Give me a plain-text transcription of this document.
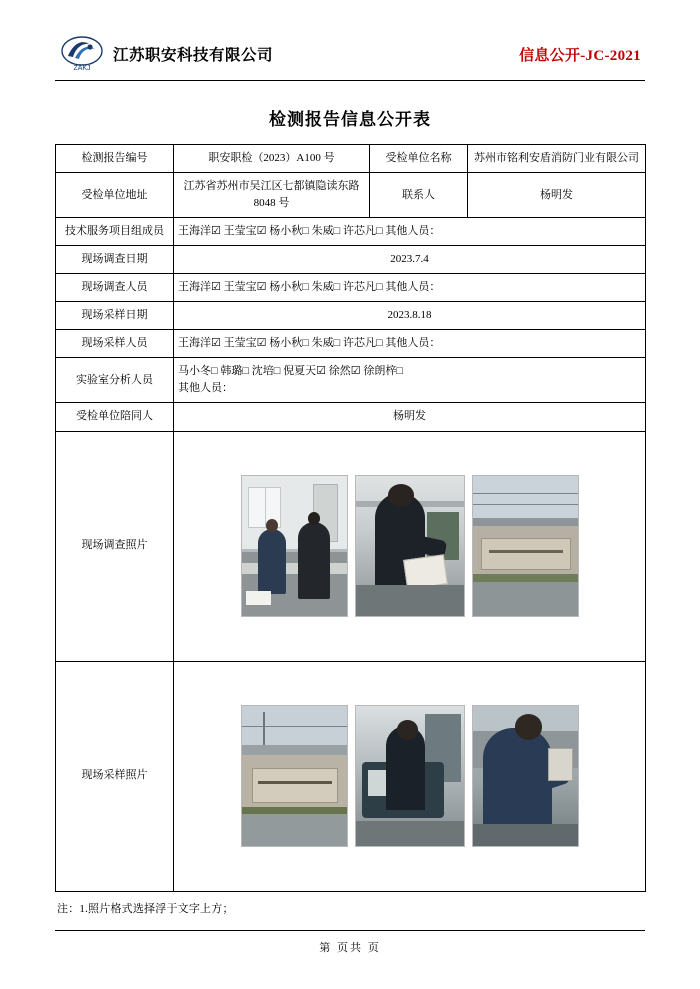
ZAKJ
江苏职安科技有限公司	信息公开-JC-2021
检测报告信息公开表
检测报告编号	职安职检（2023）A100 号	受检单位名称	苏州市铭利安盾消防门业有限公司
受检单位地址	江苏省苏州市吴江区七都镇隐读东路 8048 号	联系人	杨明发
技术服务项目组成员	王海洋☑ 王莹宝☑ 杨小秋□ 朱威□ 许芯凡□ 其他人员：		
现场调查日期	2023.7.4		
现场调查人员	王海洋☑ 王莹宝☑ 杨小秋□ 朱威□ 许芯凡□ 其他人员：		
现场采样日期	2023.8.18		
现场采样人员	王海洋☑ 王莹宝☑ 杨小秋□ 朱威□ 许芯凡□ 其他人员：		
实验室分析人员	马小冬□ 韩璐□ 沈培□ 倪夏天☑ 徐然☑ 徐朗梓□
其他人员：		

受检单位陪同人	杨明发		
现场调查照片			

现场采样照片			
注：1.照片格式选择浮于文字上方；
第 页共 页
